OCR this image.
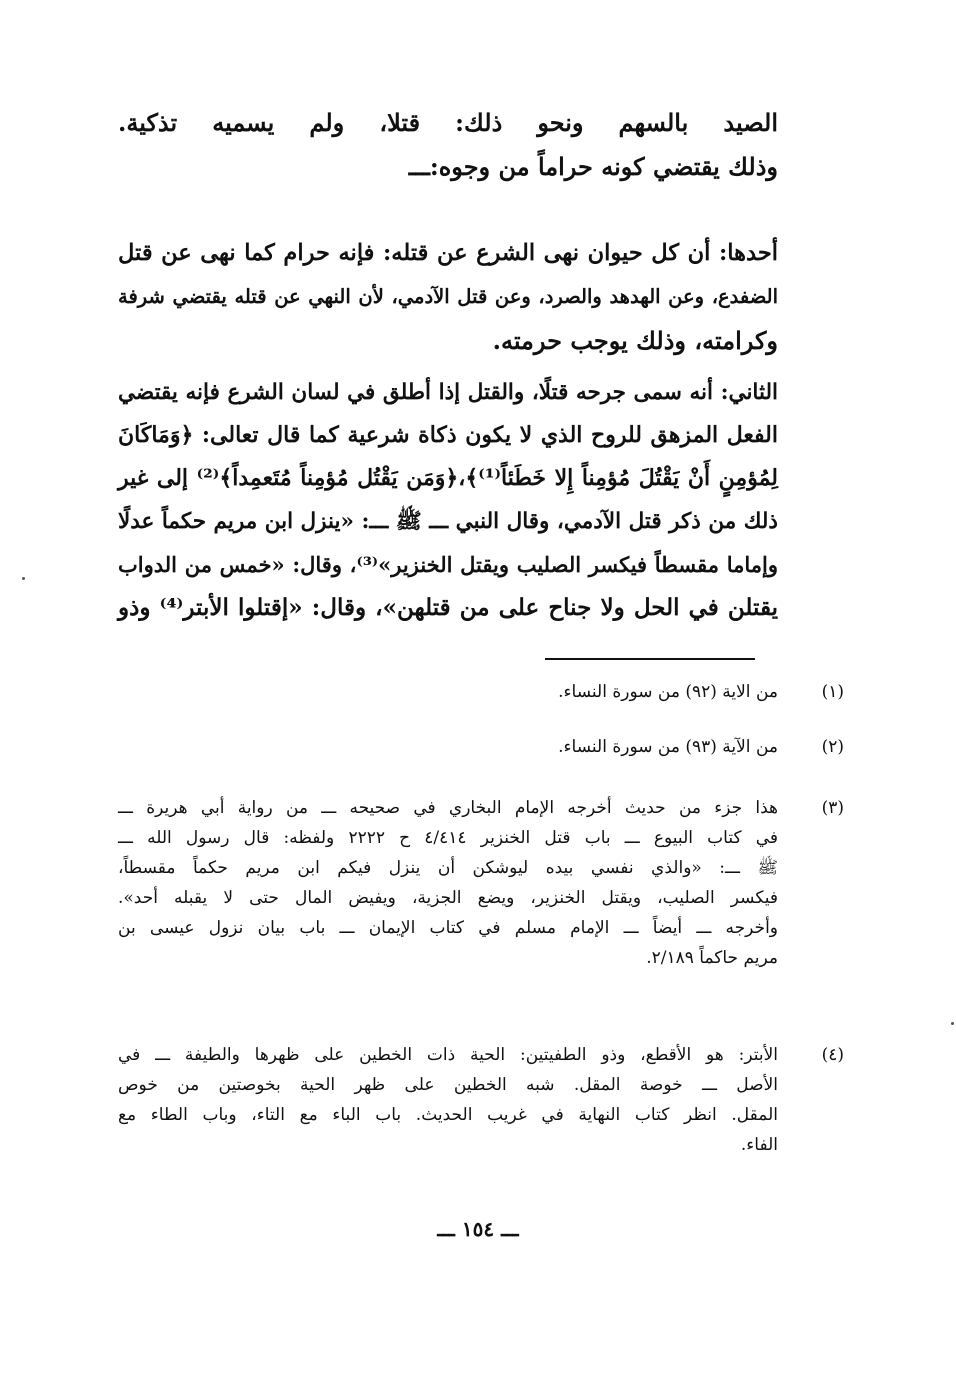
الصيد بالسهم ونحو ذلك: قتلا، ولم يسميه تذكية.
وذلك يقتضي كونه حراماً من وجوه:ـــ
أحدها: أن كل حيوان نهى الشرع عن قتله: فإنه حرام كما نهى عن قتل
الضفدع، وعن الهدهد والصرد، وعن قتل الآدمي، لأن النهي عن قتله يقتضي شرفة
وكرامته، وذلك يوجب حرمته.
الثاني: أنه سمى جرحه قتلًا، والقتل إذا أطلق في لسان الشرع فإنه يقتضي
الفعل المزهق للروح الذي لا يكون ذكاة شرعية كما قال تعالى: ﴿وَمَاكَانَ
لِمُؤمِنٍ أَنْ يَقْتُلَ مُؤمِناً إِلا خَطَئاً⁽¹⁾﴾،﴿وَمَن يَقْتُل مُؤمِناً مُتَعمِداً﴾⁽²⁾ إلى غير
ذلك من ذكر قتل الآدمي، وقال النبي ـــ ﷺ ـــ: «ينزل ابن مريم حكماً عدلًا
وإماما مقسطاً فيكسر الصليب ويقتل الخنزير»⁽³⁾، وقال: «خمس من الدواب
يقتلن في الحل ولا جناح على من قتلهن»، وقال: «إقتلوا الأبتر⁽⁴⁾ وذو
(١)
من الاية (٩٢) من سورة النساء.
(٢)
من الآية (٩٣) من سورة النساء.
(٣)
هذا جزء من حديث أخرجه الإمام البخاري في صحيحه ـــ من رواية أبي هريرة ـــ
في كتاب البيوع ـــ باب قتل الخنزير ٤/٤١٤ ح ٢٢٢٢ ولفظه: قال رسول الله ـــ
ﷺ ـــ: «والذي نفسي بيده ليوشكن أن ينزل فيكم ابن مريم حكماً مقسطاً،
فيكسر الصليب، ويقتل الخنزير، ويضع الجزية، ويفيض المال حتى لا يقبله أحد».
وأخرجه ـــ أيضاً ـــ الإمام مسلم في كتاب الإيمان ـــ باب بيان نزول عيسى بن
مريم حاكماً ٢/١٨٩.
(٤)
الأبتر: هو الأقطع، وذو الطفيتين: الحية ذات الخطين على ظهرها والطيفة ـــ في
الأصل ـــ خوصة المقل. شبه الخطين على ظهر الحية بخوصتين من خوص
المقل. انظر كتاب النهاية في غريب الحديث. باب الباء مع التاء، وباب الطاء مع
الفاء.
ـــ ١٥٤ ـــ
